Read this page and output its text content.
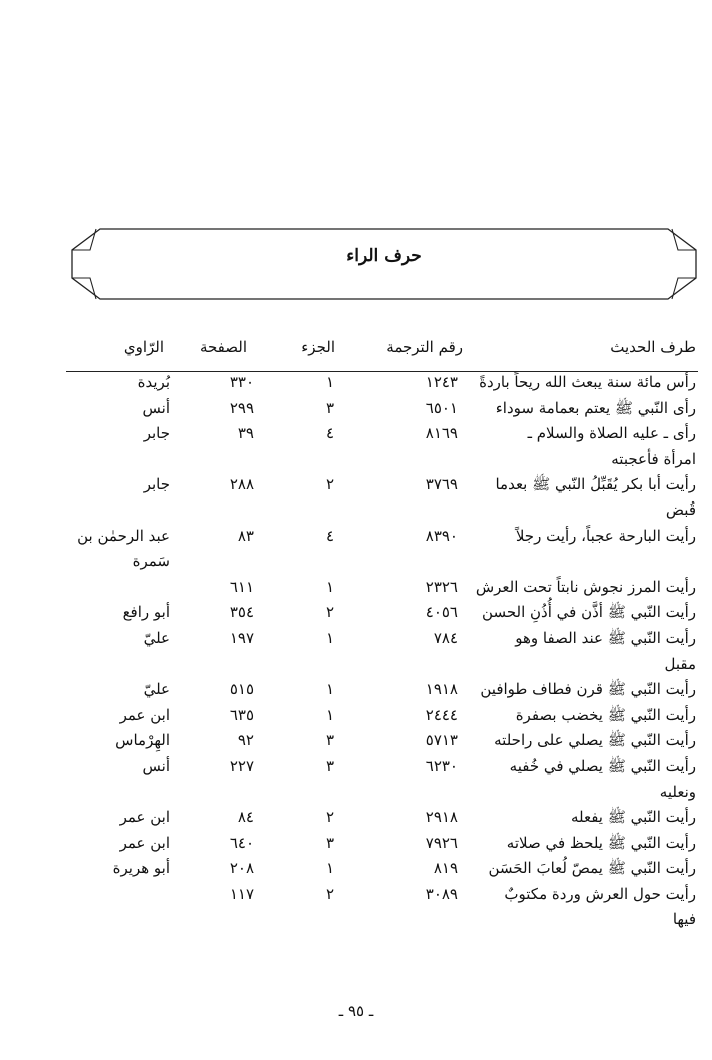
حرف الراء
طرف الحديث
رقم الترجمة
الجزء
الصفحة
الرّاوي
رأس مائة سنة يبعث الله ريحاً باردةً
١٢٤٣
١
٣٣٠
بُريدة
رأى النّبي ﷺ يعتم بعمامة سوداء
٦٥٠١
٣
٢٩٩
أنس
رأى ـ عليه الصلاة والسلام ـ
٨١٦٩
٤
٣٩
جابر
امرأة فأعجبته
رأيت أبا بكر يُقَبِّلُ النّبي ﷺ بعدما
٣٧٦٩
٢
٢٨٨
جابر
قُبض
رأيت البارحة عجباً، رأيت رجلاً
٨٣٩٠
٤
٨٣
عبد الرحمٰن بن
سَمرة
رأيت المرز نجوش نابتاً تحت العرش
٢٣٢٦
١
٦١١
رأيت النّبي ﷺ أذَّن في أُذُنِ الحسن
٤٠٥٦
٢
٣٥٤
أبو رافع
رأيت النّبي ﷺ عند الصفا وهو
٧٨٤
١
١٩٧
عليّ
مقبل
رأيت النّبي ﷺ قرن فطاف طوافين
١٩١٨
١
٥١٥
عليّ
رأيت النّبي ﷺ يخضب بصفرة
٢٤٤٤
١
٦٣٥
ابن عمر
رأيت النّبي ﷺ يصلي على راحلته
٥٧١٣
٣
٩٢
الهِرْماس
رأيت النّبي ﷺ يصلي في خُفيه
٦٢٣٠
٣
٢٢٧
أنس
ونعليه
رأيت النّبي ﷺ يفعله
٢٩١٨
٢
٨٤
ابن عمر
رأيت النّبي ﷺ يلحظ في صلاته
٧٩٢٦
٣
٦٤٠
ابن عمر
رأيت النّبي ﷺ يمصّ لُعابَ الحَسَن
٨١٩
١
٢٠٨
أبو هريرة
رأيت حول العرش وردة مكتوبٌ
٣٠٨٩
٢
١١٧
فيها
ـ ٩٥ ـ
